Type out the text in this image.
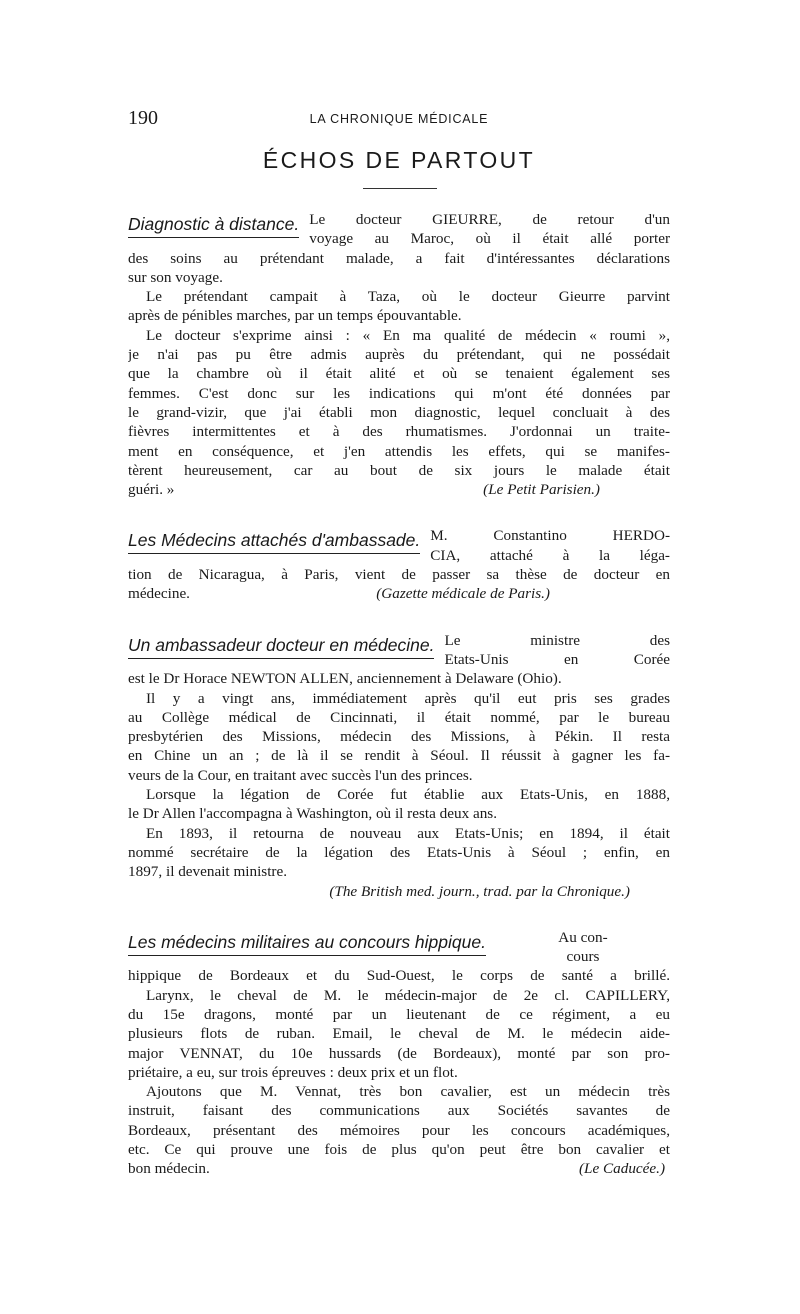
190	LA CHRONIQUE MÉDICALE
ÉCHOS DE PARTOUT
Diagnostic à distance. Le docteur GIEURRE, de retour d'un
voyage au Maroc, où il était allé porter
des soins au prétendant malade, a fait d'intéressantes déclarations
sur son voyage.
Le prétendant campait à Taza, où le docteur Gieurre parvint
après de pénibles marches, par un temps épouvantable.
Le docteur s'exprime ainsi : « En ma qualité de médecin « roumi »,
je n'ai pas pu être admis auprès du prétendant, qui ne possédait
que la chambre où il était alité et où se tenaient également ses
femmes. C'est donc sur les indications qui m'ont été données par
le grand-vizir, que j'ai établi mon diagnostic, lequel concluait à des
fièvres intermittentes et à des rhumatismes. J'ordonnai un traite-
ment en conséquence, et j'en attendis les effets, qui se manifes-
tèrent heureusement, car au bout de six jours le malade était
guéri. »	(Le Petit Parisien.)
Les Médecins attachés d'ambassade. M. Constantino HERDO-
CIA, attaché à la léga-
tion de Nicaragua, à Paris, vient de passer sa thèse de docteur en
médecine.	(Gazette médicale de Paris.)
Un ambassadeur docteur en médecine. Le ministre des
Etats-Unis en Corée
est le Dr Horace NEWTON ALLEN, anciennement à Delaware (Ohio).
Il y a vingt ans, immédiatement après qu'il eut pris ses grades
au Collège médical de Cincinnati, il était nommé, par le bureau
presbytérien des Missions, médecin des Missions, à Pékin. Il resta
en Chine un an ; de là il se rendit à Séoul. Il réussit à gagner les fa-
veurs de la Cour, en traitant avec succès l'un des princes.
Lorsque la légation de Corée fut établie aux Etats-Unis, en 1888,
le Dr Allen l'accompagna à Washington, où il resta deux ans.
En 1893, il retourna de nouveau aux Etats-Unis; en 1894, il était
nommé secrétaire de la légation des Etats-Unis à Séoul ; enfin, en
1897, il devenait ministre.
(The British med. journ., trad. par la Chronique.)
Les médecins militaires au concours hippique.	Au con-
cours
hippique de Bordeaux et du Sud-Ouest, le corps de santé a brillé.
Larynx, le cheval de M. le médecin-major de 2e cl. CAPILLERY,
du 15e dragons, monté par un lieutenant de ce régiment, a eu
plusieurs flots de ruban. Email, le cheval de M. le médecin aide-
major VENNAT, du 10e hussards (de Bordeaux), monté par son pro-
priétaire, a eu, sur trois épreuves : deux prix et un flot.
Ajoutons que M. Vennat, très bon cavalier, est un médecin très
instruit, faisant des communications aux Sociétés savantes de
Bordeaux, présentant des mémoires pour les concours académiques,
etc. Ce qui prouve une fois de plus qu'on peut être bon cavalier et
bon médecin.	(Le Caducée.)
